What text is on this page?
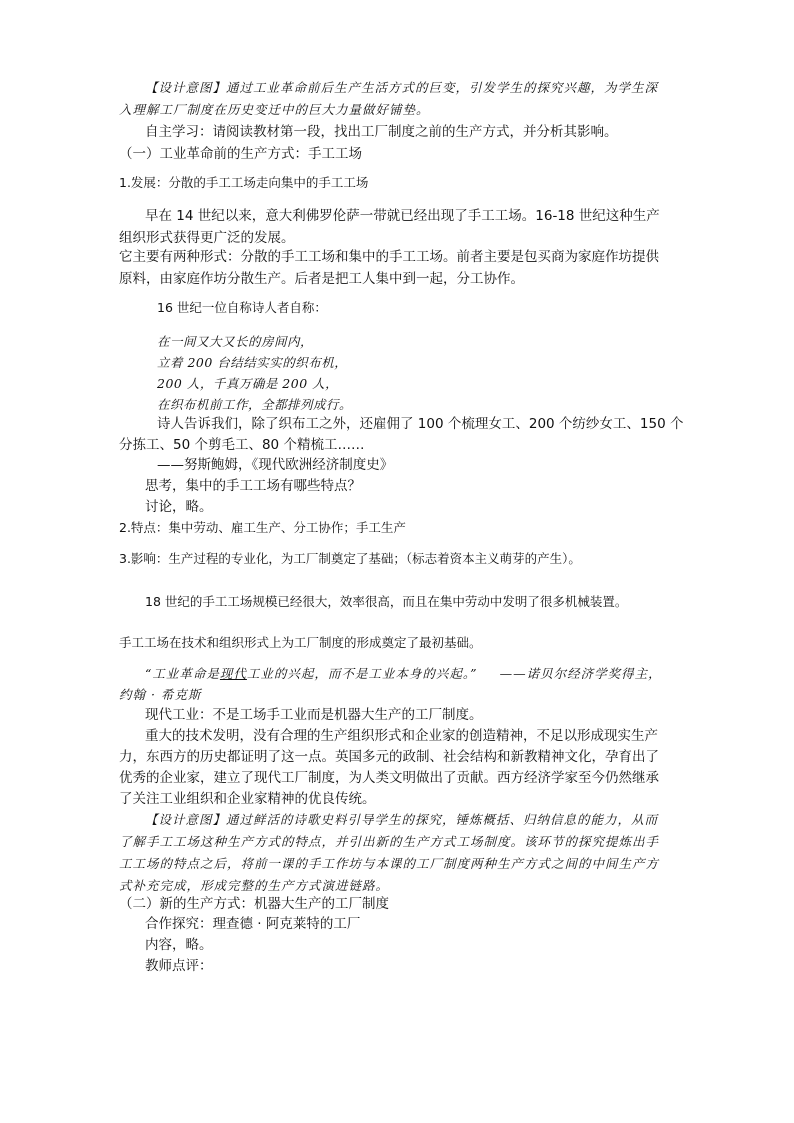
【设计意图】通过工业革命前后生产生活方式的巨变，引发学生的探究兴趣，为学生深
入理解工厂制度在历史变迁中的巨大力量做好铺垫。
自主学习：请阅读教材第一段，找出工厂制度之前的生产方式，并分析其影响。
（一）工业革命前的生产方式：手工工场
1.发展：分散的手工工场走向集中的手工工场
早在 14 世纪以来，意大利佛罗伦萨一带就已经出现了手工工场。16-18 世纪这种生产
组织形式获得更广泛的发展。
它主要有两种形式：分散的手工工场和集中的手工工场。前者主要是包买商为家庭作坊提供
原料，由家庭作坊分散生产。后者是把工人集中到一起，分工协作。
16 世纪一位自称诗人者自称：
在一间又大又长的房间内，
立着 200 台结结实实的织布机，
200 人，千真万确是 200 人，
在织布机前工作，全都排列成行。
诗人告诉我们，除了织布工之外，还雇佣了 100 个梳理女工、200 个纺纱女工、150 个
分拣工、50 个剪毛工、80 个精梳工……
——努斯鲍姆，《现代欧洲经济制度史》
思考，集中的手工工场有哪些特点？
讨论，略。
2.特点：集中劳动、雇工生产、分工协作；手工生产
3.影响：生产过程的专业化，为工厂制奠定了基础；（标志着资本主义萌芽的产生）。
18 世纪的手工工场规模已经很大，效率很高，而且在集中劳动中发明了很多机械装置。
手工工场在技术和组织形式上为工厂制度的形成奠定了最初基础。
“工业革命是现代工业的兴起，而不是工业本身的兴起。” ——诺贝尔经济学奖得主，
约翰 · 希克斯
现代工业：不是工场手工业而是机器大生产的工厂制度。
重大的技术发明，没有合理的生产组织形式和企业家的创造精神，不足以形成现实生产
力，东西方的历史都证明了这一点。英国多元的政制、社会结构和新教精神文化，孕育出了
优秀的企业家，建立了现代工厂制度，为人类文明做出了贡献。西方经济学家至今仍然继承
了关注工业组织和企业家精神的优良传统。
【设计意图】通过鲜活的诗歌史料引导学生的探究，锤炼概括、归纳信息的能力，从而
了解手工工场这种生产方式的特点，并引出新的生产方式工场制度。该环节的探究提炼出手
工工场的特点之后，将前一课的手工作坊与本课的工厂制度两种生产方式之间的中间生产方
式补充完成，形成完整的生产方式演进链路。
（二）新的生产方式：机器大生产的工厂制度
合作探究：理查德 · 阿克莱特的工厂
内容，略。
教师点评：
